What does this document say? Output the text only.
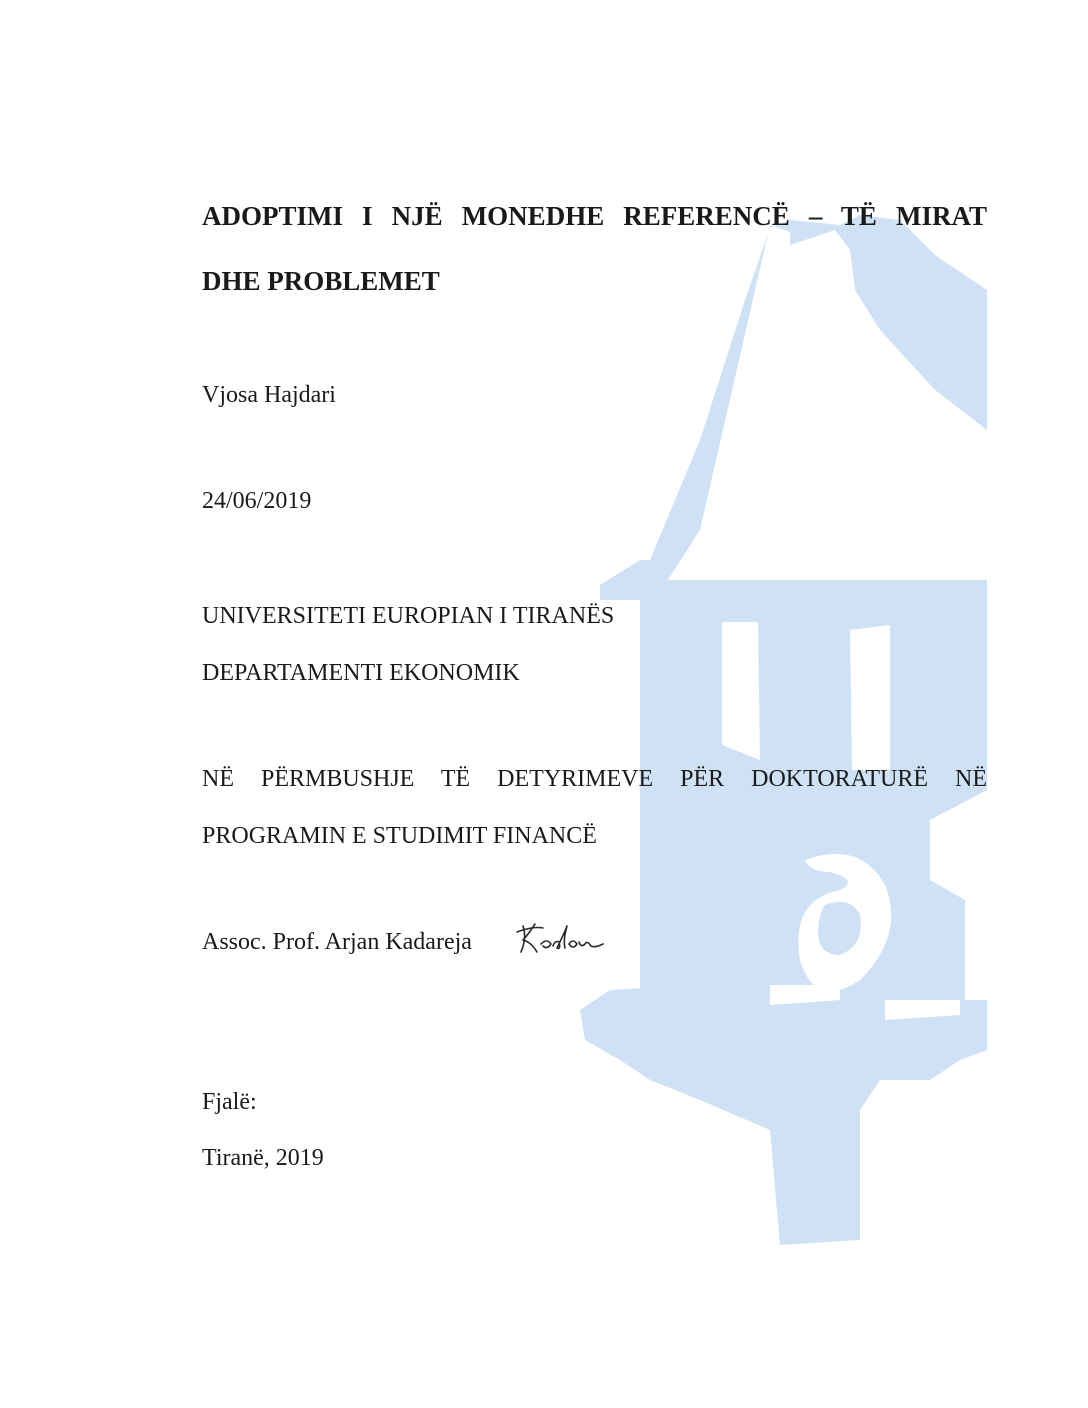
ADOPTIMI I NJË MONEDHE REFERENCË – TË MIRAT
DHE PROBLEMET

Vjosa Hajdari

24/06/2019

UNIVERSITETI EUROPIAN I TIRANËS

DEPARTAMENTI EKONOMIK

NË PËRMBUSHJE TË DETYRIMEVE PËR DOKTORATURË NË

PROGRAMIN E STUDIMIT FINANCË

Assoc. Prof. Arjan Kadareja

Fjalë:

Tiranë, 2019
